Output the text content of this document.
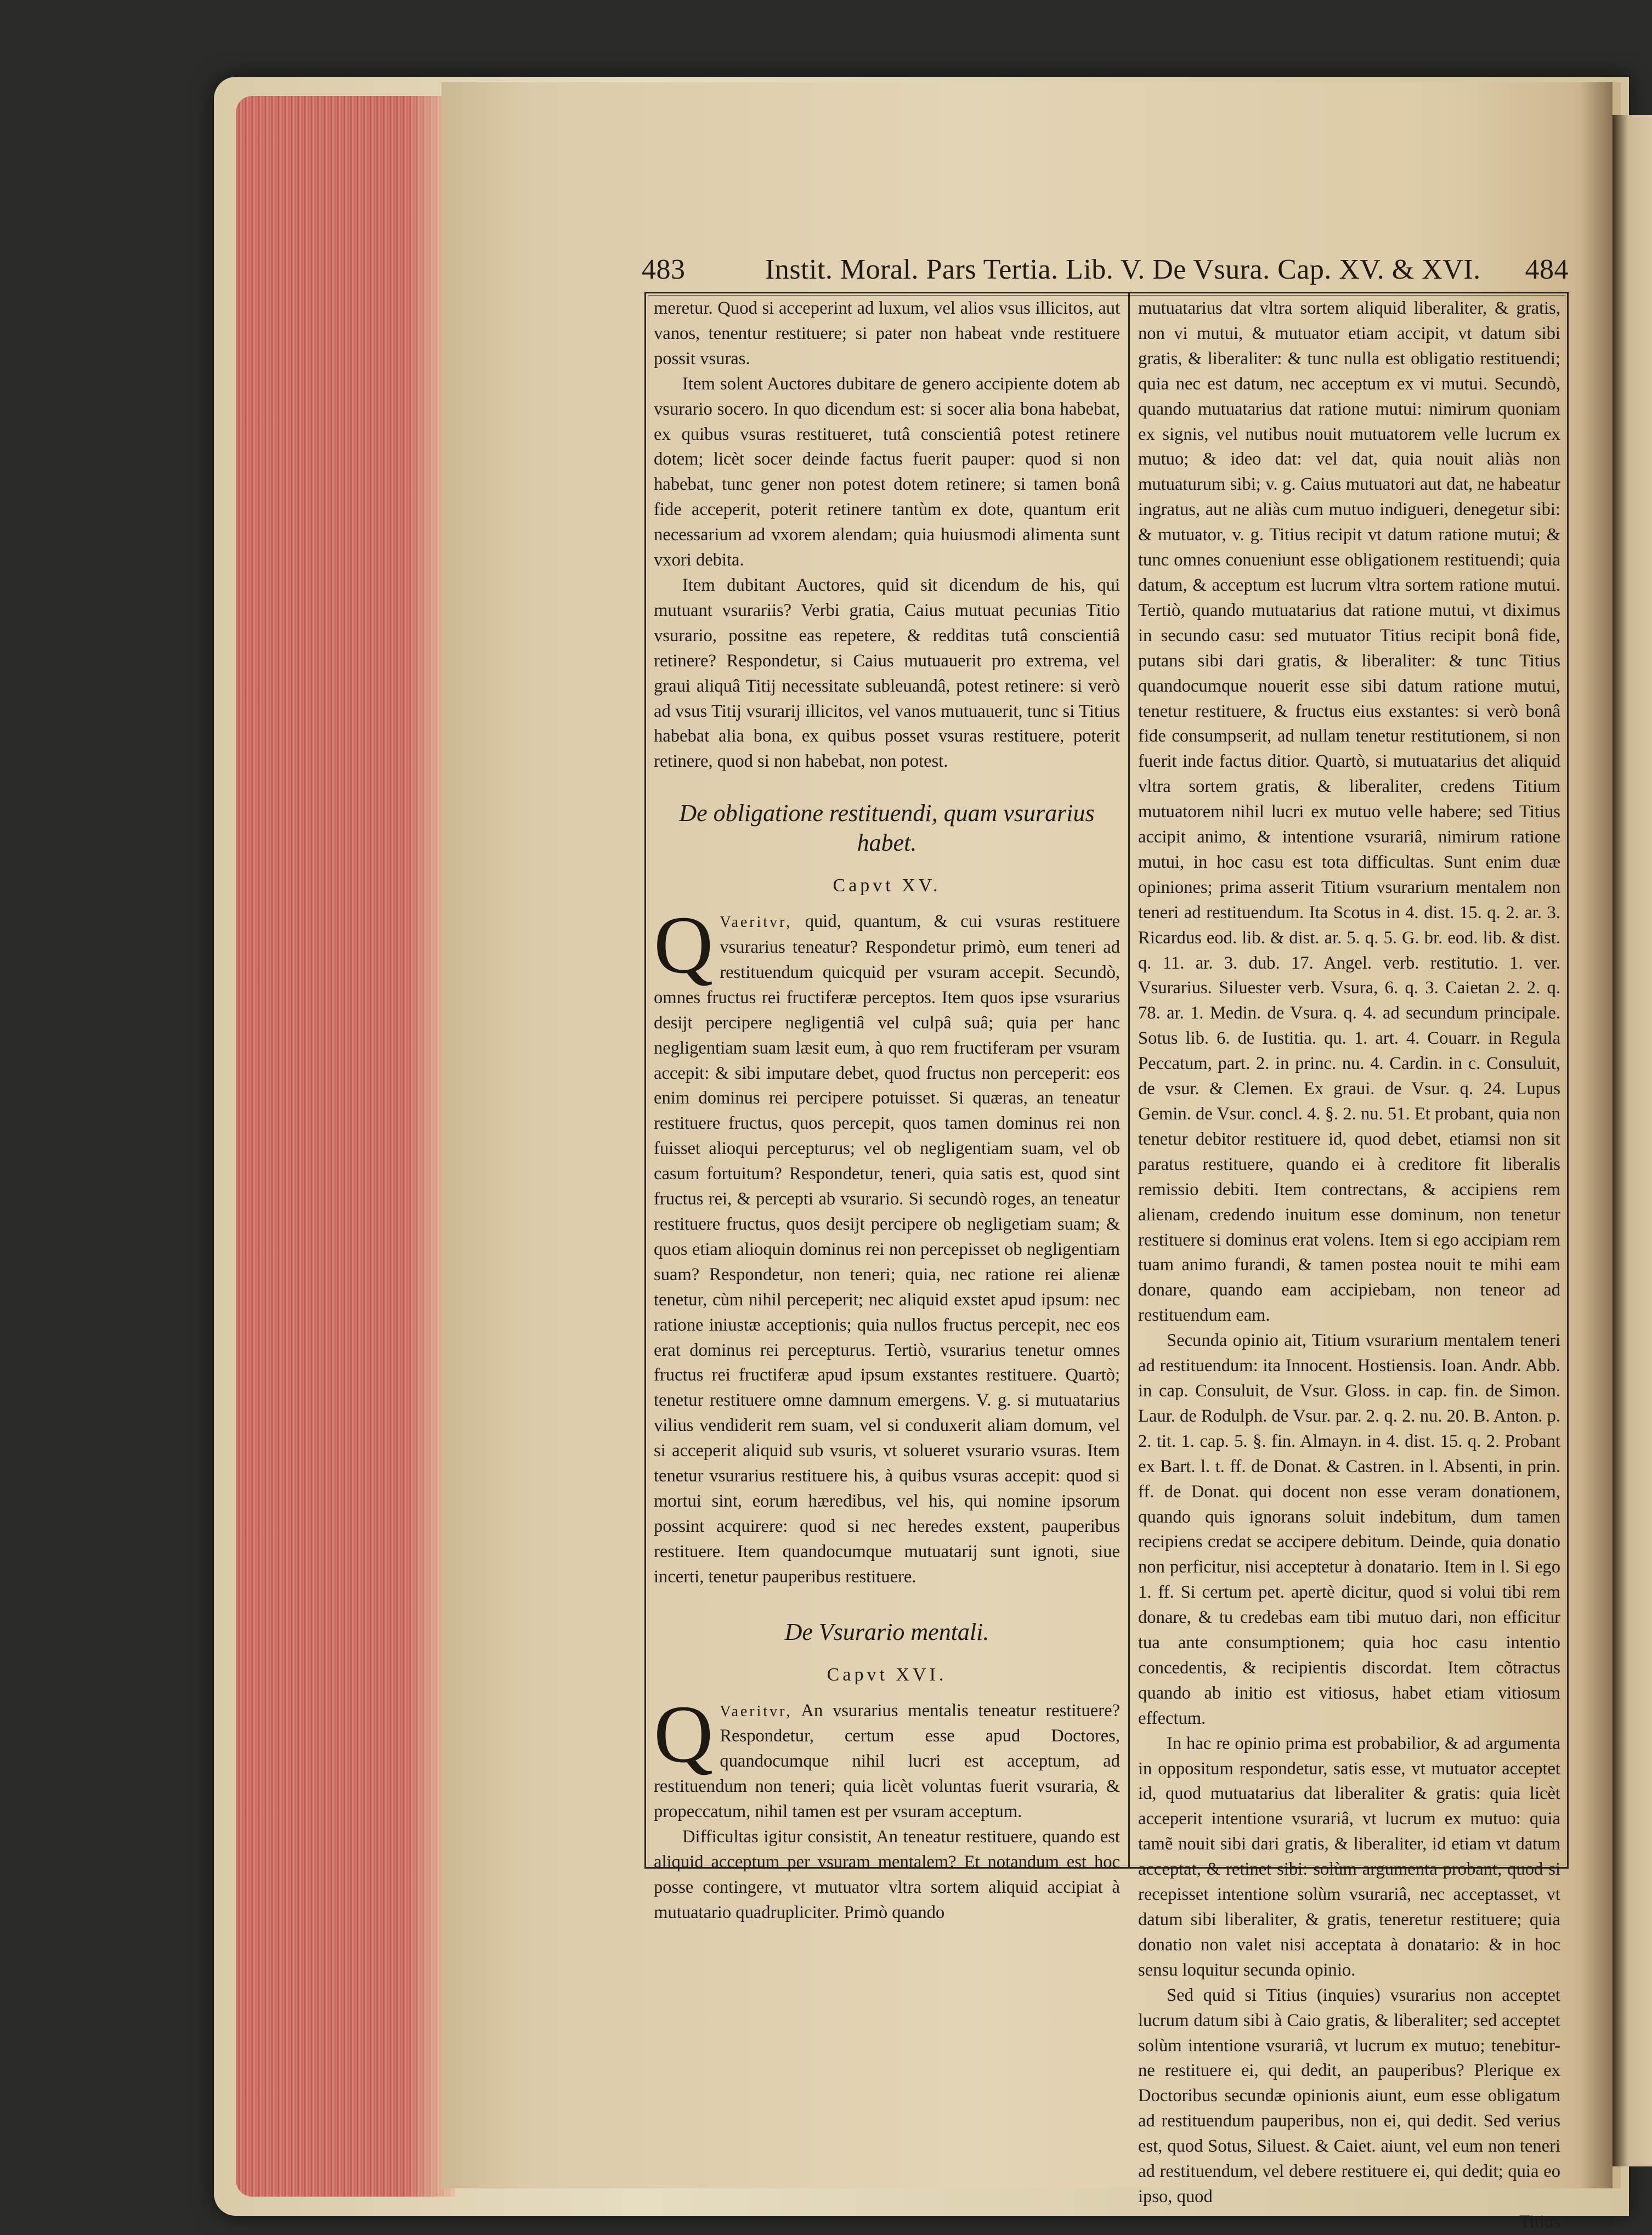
483	Instit. Moral. Pars Tertia. Lib. V. De Vsura. Cap. XV. & XVI. 484

meretur. Quod si acceperint ad luxum, vel alios vsus illicitos, aut vanos, tenentur restituere; si pater non habeat vnde restituere possit vsuras.

Item solent Auctores dubitare de genero accipiente dotem ab vsurario socero. In quo dicendum est: si socer alia bona habebat, ex quibus vsuras restitueret, tutâ conscientiâ potest retinere dotem; licèt socer deinde factus fuerit pauper: quod si non habebat, tunc gener non potest dotem retinere; si tamen bonâ fide acceperit, poterit retinere tantùm ex dote, quantum erit necessarium ad vxorem alendam; quia huiusmodi alimenta sunt vxori debita.

Item dubitant Auctores, quid sit dicendum de his, qui mutuant vsurariis? Verbi gratia, Caius mutuat pecunias Titio vsurario, possitne eas repetere, & redditas tutâ conscientiâ retinere? Respondetur, si Caius mutuauerit pro extrema, vel graui aliquâ Titij necessitate subleuandâ, potest retinere: si verò ad vsus Titij vsurarij illicitos, vel vanos mutuauerit, tunc si Titius habebat alia bona, ex quibus posset vsuras restituere, poterit retinere, quod si non habebat, non potest.

De obligatione restituendi, quam vsurarius habet.

Capvt XV.

Q Vaeritvr, quid, quantum, & cui vsuras restituere vsurarius teneatur? Respondetur primò, eum teneri ad restituendum quicquid per vsuram accepit. Secundò, omnes fructus rei fructiferæ perceptos. Item quos ipse vsurarius desijt percipere negligentiâ vel culpâ suâ; quia per hanc negligentiam suam læsit eum, à quo rem fructiferam per vsuram accepit: & sibi imputare debet, quod fructus non perceperit: eos enim dominus rei percipere potuisset. Si quæras, an teneatur restituere fructus, quos percepit, quos tamen dominus rei non fuisset alioqui percepturus; vel ob negligentiam suam, vel ob casum fortuitum? Respondetur, teneri, quia satis est, quod sint fructus rei, & percepti ab vsurario. Si secundò roges, an teneatur restituere fructus, quos desijt percipere ob negligetiam suam; & quos etiam alioquin dominus rei non percepisset ob negligentiam suam? Respondetur, non teneri; quia, nec ratione rei alienæ tenetur, cùm nihil perceperit; nec aliquid exstet apud ipsum: nec ratione iniustæ acceptionis; quia nullos fructus percepit, nec eos erat dominus rei percepturus. Tertiò, vsurarius tenetur omnes fructus rei fructiferæ apud ipsum exstantes restituere. Quartò; tenetur restituere omne damnum emergens. V. g. si mutuatarius vilius vendiderit rem suam, vel si conduxerit aliam domum, vel si acceperit aliquid sub vsuris, vt solueret vsurario vsuras. Item tenetur vsurarius restituere his, à quibus vsuras accepit: quod si mortui sint, eorum hæredibus, vel his, qui nomine ipsorum possint acquirere: quod si nec heredes exstent, pauperibus restituere. Item quandocumque mutuatarij sunt ignoti, siue incerti, tenetur pauperibus restituere.

De Vsurario mentali.

Capvt XVI.

Q Vaeritvr, An vsurarius mentalis teneatur restituere? Respondetur, certum esse apud Doctores, quandocumque nihil lucri est acceptum, ad restituendum non teneri; quia licèt voluntas fuerit vsuraria, & propeccatum, nihil tamen est per vsuram acceptum.

Difficultas igitur consistit, An teneatur restituere, quando est aliquid acceptum per vsuram mentalem? Et notandum est hoc posse contingere, vt mutuator vltra sortem aliquid accipiat à mutuatario quadrupliciter. Primò quando

mutuatarius dat vltra sortem aliquid liberaliter, & gratis, non vi mutui, & mutuator etiam accipit, vt datum sibi gratis, & liberaliter: & tunc nulla est obligatio restituendi; quia nec est datum, nec acceptum ex vi mutui. Secundò, quando mutuatarius dat ratione mutui: nimirum quoniam ex signis, vel nutibus nouit mutuatorem velle lucrum ex mutuo; & ideo dat: vel dat, quia nouit aliàs non mutuaturum sibi; v. g. Caius mutuatori aut dat, ne habeatur ingratus, aut ne aliàs cum mutuo indigueri, denegetur sibi: & mutuator, v. g. Titius recipit vt datum ratione mutui; & tunc omnes conueniunt esse obligationem restituendi; quia datum, & acceptum est lucrum vltra sortem ratione mutui. Tertiò, quando mutuatarius dat ratione mutui, vt diximus in secundo casu: sed mutuator Titius recipit bonâ fide, putans sibi dari gratis, & liberaliter: & tunc Titius quandocumque nouerit esse sibi datum ratione mutui, tenetur restituere, & fructus eius exstantes: si verò bonâ fide consumpserit, ad nullam tenetur restitutionem, si non fuerit inde factus ditior. Quartò, si mutuatarius det aliquid vltra sortem gratis, & liberaliter, credens Titium mutuatorem nihil lucri ex mutuo velle habere; sed Titius accipit animo, & intentione vsurariâ, nimirum ratione mutui, in hoc casu est tota difficultas. Sunt enim duæ opiniones; prima asserit Titium vsurarium mentalem non teneri ad restituendum. Ita Scotus in 4. dist. 15. q. 2. ar. 3. Ricardus eod. lib. & dist. ar. 5. q. 5. G. br. eod. lib. & dist. q. 11. ar. 3. dub. 17. Angel. verb. restitutio. 1. ver. Vsurarius. Siluester verb. Vsura, 6. q. 3. Caietan 2. 2. q. 78. ar. 1. Medin. de Vsura. q. 4. ad secundum principale. Sotus lib. 6. de Iustitia. qu. 1. art. 4. Couarr. in Regula Peccatum, part. 2. in princ. nu. 4. Cardin. in c. Consuluit, de vsur. & Clemen. Ex graui. de Vsur. q. 24. Lupus Gemin. de Vsur. concl. 4. §. 2. nu. 51. Et probant, quia non tenetur debitor restituere id, quod debet, etiamsi non sit paratus restituere, quando ei à creditore fit liberalis remissio debiti. Item contrectans, & accipiens rem alienam, credendo inuitum esse dominum, non tenetur restituere si dominus erat volens. Item si ego accipiam rem tuam animo furandi, & tamen postea nouit te mihi eam donare, quando eam accipiebam, non teneor ad restituendum eam.

Secunda opinio ait, Titium vsurarium mentalem teneri ad restituendum: ita Innocent. Hostiensis. Ioan. Andr. Abb. in cap. Consuluit, de Vsur. Gloss. in cap. fin. de Simon. Laur. de Rodulph. de Vsur. par. 2. q. 2. nu. 20. B. Anton. p. 2. tit. 1. cap. 5. §. fin. Almayn. in 4. dist. 15. q. 2. Probant ex Bart. l. t. ff. de Donat. & Castren. in l. Absenti, in prin. ff. de Donat. qui docent non esse veram donationem, quando quis ignorans soluit indebitum, dum tamen recipiens credat se accipere debitum. Deinde, quia donatio non perficitur, nisi acceptetur à donatario. Item in l. Si ego 1. ff. Si certum pet. apertè dicitur, quod si volui tibi rem donare, & tu credebas eam tibi mutuo dari, non efficitur tua ante consumptionem; quia hoc casu intentio concedentis, & recipientis discordat. Item cõtractus quando ab initio est vitiosus, habet etiam vitiosum effectum.

In hac re opinio prima est probabilior, & ad argumenta in oppositum respondetur, satis esse, vt mutuator acceptet id, quod mutuatarius dat liberaliter & gratis: quia licèt acceperit intentione vsurariâ, vt lucrum ex mutuo: quia tamẽ nouit sibi dari gratis, & liberaliter, id etiam vt datum acceptat, & retinet sibi: solùm argumenta probant, quod si recepisset intentione solùm vsurariâ, nec acceptasset, vt datum sibi liberaliter, & gratis, teneretur restituere; quia donatio non valet nisi acceptata à donatario: & in hoc sensu loquitur secunda opinio.

Sed quid si Titius (inquies) vsurarius non acceptet lucrum datum sibi à Caio gratis, & liberaliter; sed acceptet solùm intentione vsurariâ, vt lucrum ex mutuo; tenebitur-ne restituere ei, qui dedit, an pauperibus? Plerique ex Doctoribus secundæ opinionis aiunt, eum esse obligatum ad restituendum pauperibus, non ei, qui dedit. Sed verius est, quod Sotus, Siluest. & Caiet. aiunt, vel eum non teneri ad restituendum, vel debere restituere ei, qui dedit; quia eo ipso, quod

Titius
